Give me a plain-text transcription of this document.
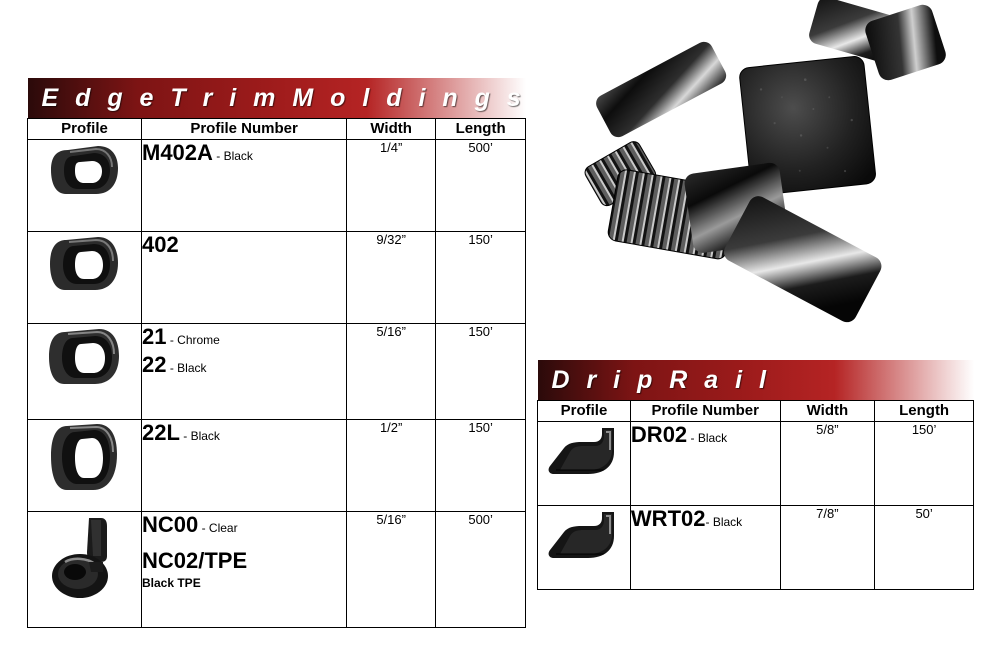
E d g e T r i m M o l d i n g s			

Profile	Profile Number	Width	Length

M402A - Black	1/4”	500’

402	9/32”	150’

21 - Chrome
22 - Black	5/16”	150’

22L - Black	1/2”	150’

NC00 - Clear
NC02/TPE
Black TPE	5/16”	500’
D r i p R a i l			

Profile	Profile Number	Width	Length

DR02 - Black	5/8”	150’

WRT02- Black	7/8”	50’
